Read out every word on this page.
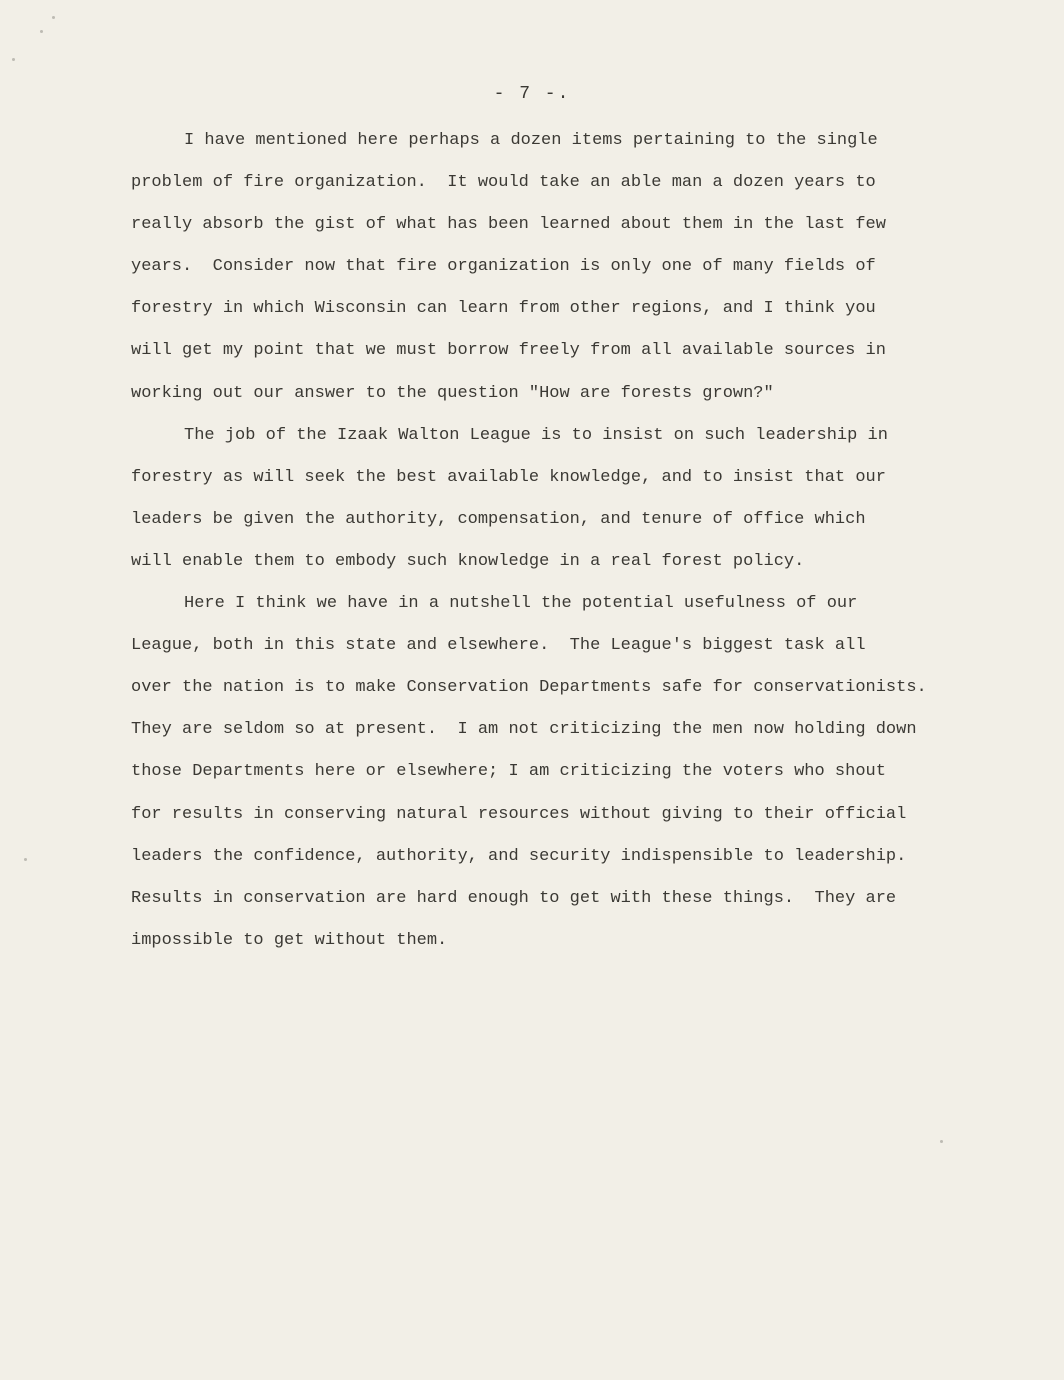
- 7 -.
I have mentioned here perhaps a dozen items pertaining to the single
problem of fire organization.  It would take an able man a dozen years to
really absorb the gist of what has been learned about them in the last few
years.  Consider now that fire organization is only one of many fields of
forestry in which Wisconsin can learn from other regions, and I think you
will get my point that we must borrow freely from all available sources in
working out our answer to the question "How are forests grown?"
The job of the Izaak Walton League is to insist on such leadership in
forestry as will seek the best available knowledge, and to insist that our
leaders be given the authority, compensation, and tenure of office which
will enable them to embody such knowledge in a real forest policy.
Here I think we have in a nutshell the potential usefulness of our
League, both in this state and elsewhere.  The League's biggest task all
over the nation is to make Conservation Departments safe for conservationists.
They are seldom so at present.  I am not criticizing the men now holding down
those Departments here or elsewhere; I am criticizing the voters who shout
for results in conserving natural resources without giving to their official
leaders the confidence, authority, and security indispensible to leadership.
Results in conservation are hard enough to get with these things.  They are
impossible to get without them.
